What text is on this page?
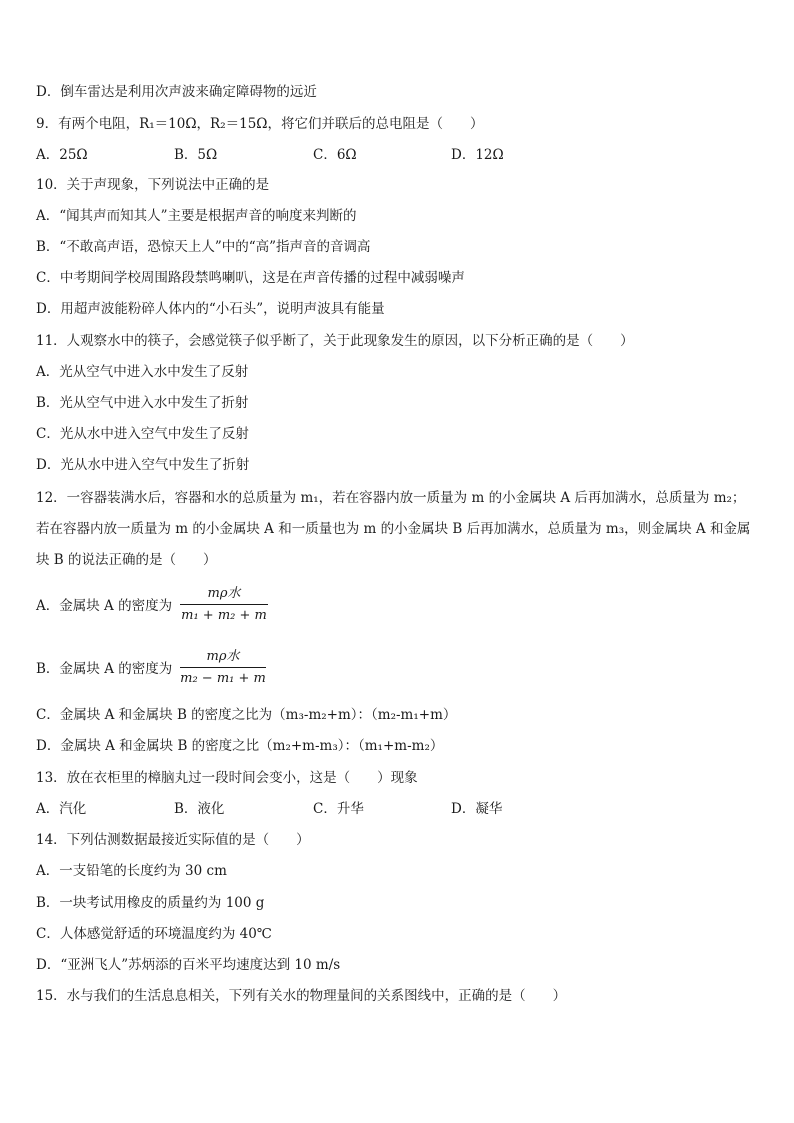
D．倒车雷达是利用次声波来确定障碍物的远近
9．有两个电阻，R₁＝10Ω，R₂＝15Ω，将它们并联后的总电阻是（　　）
A．25Ω	B．5Ω	C．6Ω	D．12Ω
10．关于声现象，下列说法中正确的是
A．“闻其声而知其人”主要是根据声音的响度来判断的
B．“不敢高声语，恐惊天上人”中的“高”指声音的音调高
C．中考期间学校周围路段禁鸣喇叭，这是在声音传播的过程中减弱噪声
D．用超声波能粉碎人体内的“小石头”，说明声波具有能量
11．人观察水中的筷子，会感觉筷子似乎断了，关于此现象发生的原因，以下分析正确的是（　　）
A．光从空气中进入水中发生了反射
B．光从空气中进入水中发生了折射
C．光从水中进入空气中发生了反射
D．光从水中进入空气中发生了折射
12．一容器装满水后，容器和水的总质量为 m₁，若在容器内放一质量为 m 的小金属块 A 后再加满水，总质量为 m₂；
若在容器内放一质量为 m 的小金属块 A 和一质量也为 m 的小金属块 B 后再加满水，总质量为 m₃，则金属块 A 和金属
块 B 的说法正确的是（　　）
A．金属块 A 的密度为
mρ水
m₁ + m₂ + m
B．金属块 A 的密度为
mρ水
m₂ − m₁ + m
C．金属块 A 和金属块 B 的密度之比为（m₃-m₂+m）：（m₂-m₁+m）
D．金属块 A 和金属块 B 的密度之比（m₂+m-m₃）：（m₁+m-m₂）
13．放在衣柜里的樟脑丸过一段时间会变小，这是（　　）现象
A．汽化	B．液化	C．升华	D．凝华
14．下列估测数据最接近实际值的是（　　）
A．一支铅笔的长度约为 30 cm
B．一块考试用橡皮的质量约为 100 g
C．人体感觉舒适的环境温度约为 40℃
D．“亚洲飞人”苏炳添的百米平均速度达到 10 m/s
15．水与我们的生活息息相关，下列有关水的物理量间的关系图线中，正确的是（　　）
